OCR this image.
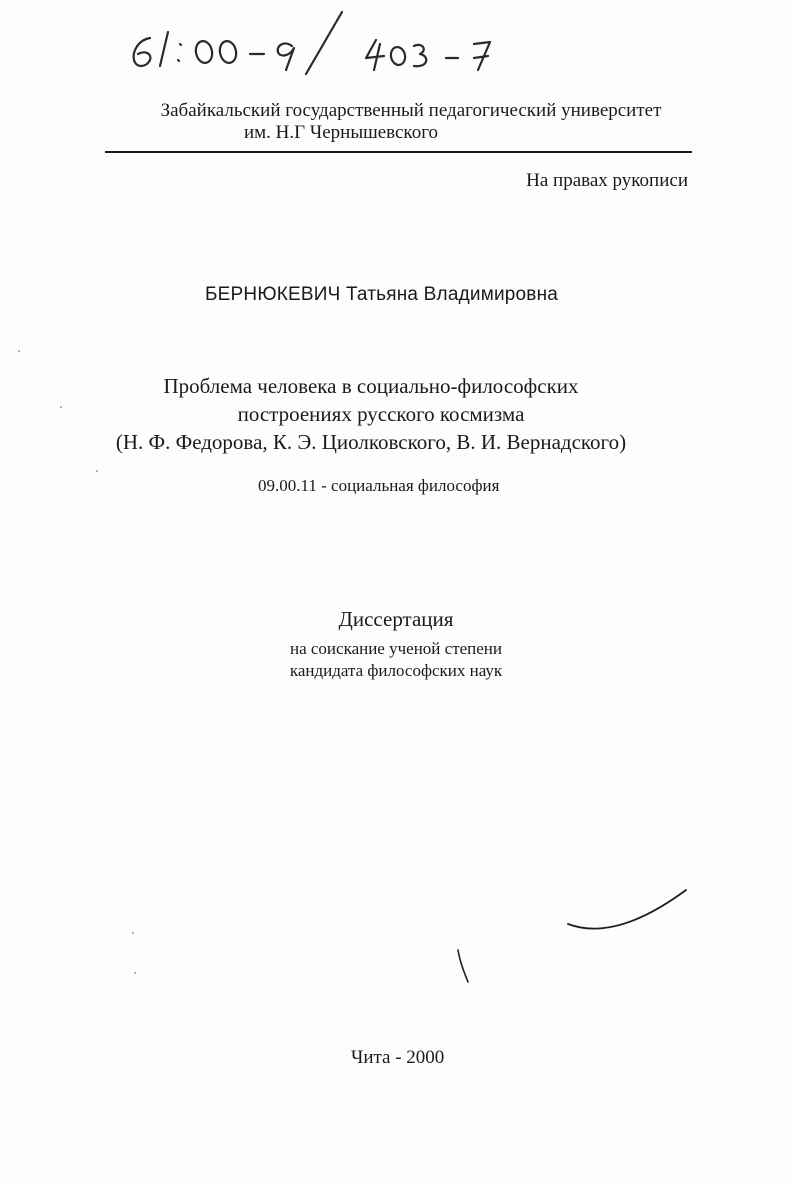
Забайкальский государственный педагогический университет
им. Н.Г Чернышевского
На правах рукописи
БЕРНЮКЕВИЧ Татьяна Владимировна
Проблема человека в социально-философских
построениях русского космизма
(Н. Ф. Федорова, К. Э. Циолковского, В. И. Вернадского)
09.00.11 - социальная философия
Диссертация
на соискание ученой степени
кандидата философских наук
Чита - 2000
